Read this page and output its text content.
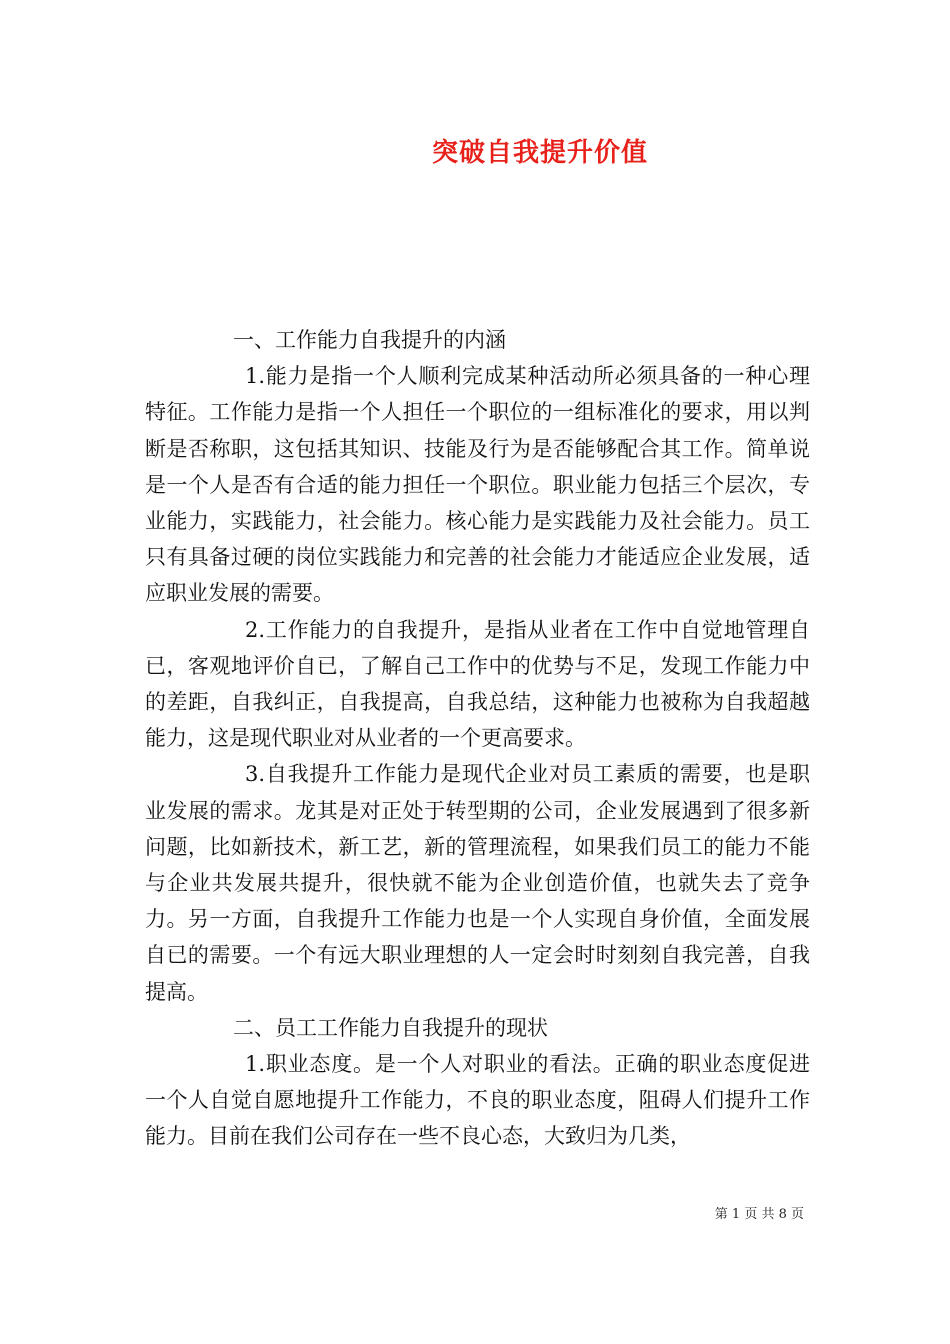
突破自我提升价值

一、工作能力自我提升的内涵

1.能力是指一个人顺利完成某种活动所必须具备的一种心理特征。工作能力是指一个人担任一个职位的一组标准化的要求，用以判断是否称职，这包括其知识、技能及行为是否能够配合其工作。简单说是一个人是否有合适的能力担任一个职位。职业能力包括三个层次，专业能力，实践能力，社会能力。核心能力是实践能力及社会能力。员工只有具备过硬的岗位实践能力和完善的社会能力才能适应企业发展，适应职业发展的需要。

2.工作能力的自我提升，是指从业者在工作中自觉地管理自已，客观地评价自已，了解自己工作中的优势与不足，发现工作能力中的差距，自我纠正，自我提高，自我总结，这种能力也被称为自我超越能力，这是现代职业对从业者的一个更高要求。

3.自我提升工作能力是现代企业对员工素质的需要，也是职业发展的需求。龙其是对正处于转型期的公司，企业发展遇到了很多新问题，比如新技术，新工艺，新的管理流程，如果我们员工的能力不能与企业共发展共提升，很快就不能为企业创造价值，也就失去了竞争力。另一方面，自我提升工作能力也是一个人实现自身价值，全面发展自已的需要。一个有远大职业理想的人一定会时时刻刻自我完善，自我提高。

二、员工工作能力自我提升的现状

1.职业态度。是一个人对职业的看法。正确的职业态度促进一个人自觉自愿地提升工作能力，不良的职业态度，阻碍人们提升工作能力。目前在我们公司存在一些不良心态，大致归为几类，

第 1 页 共 8 页
